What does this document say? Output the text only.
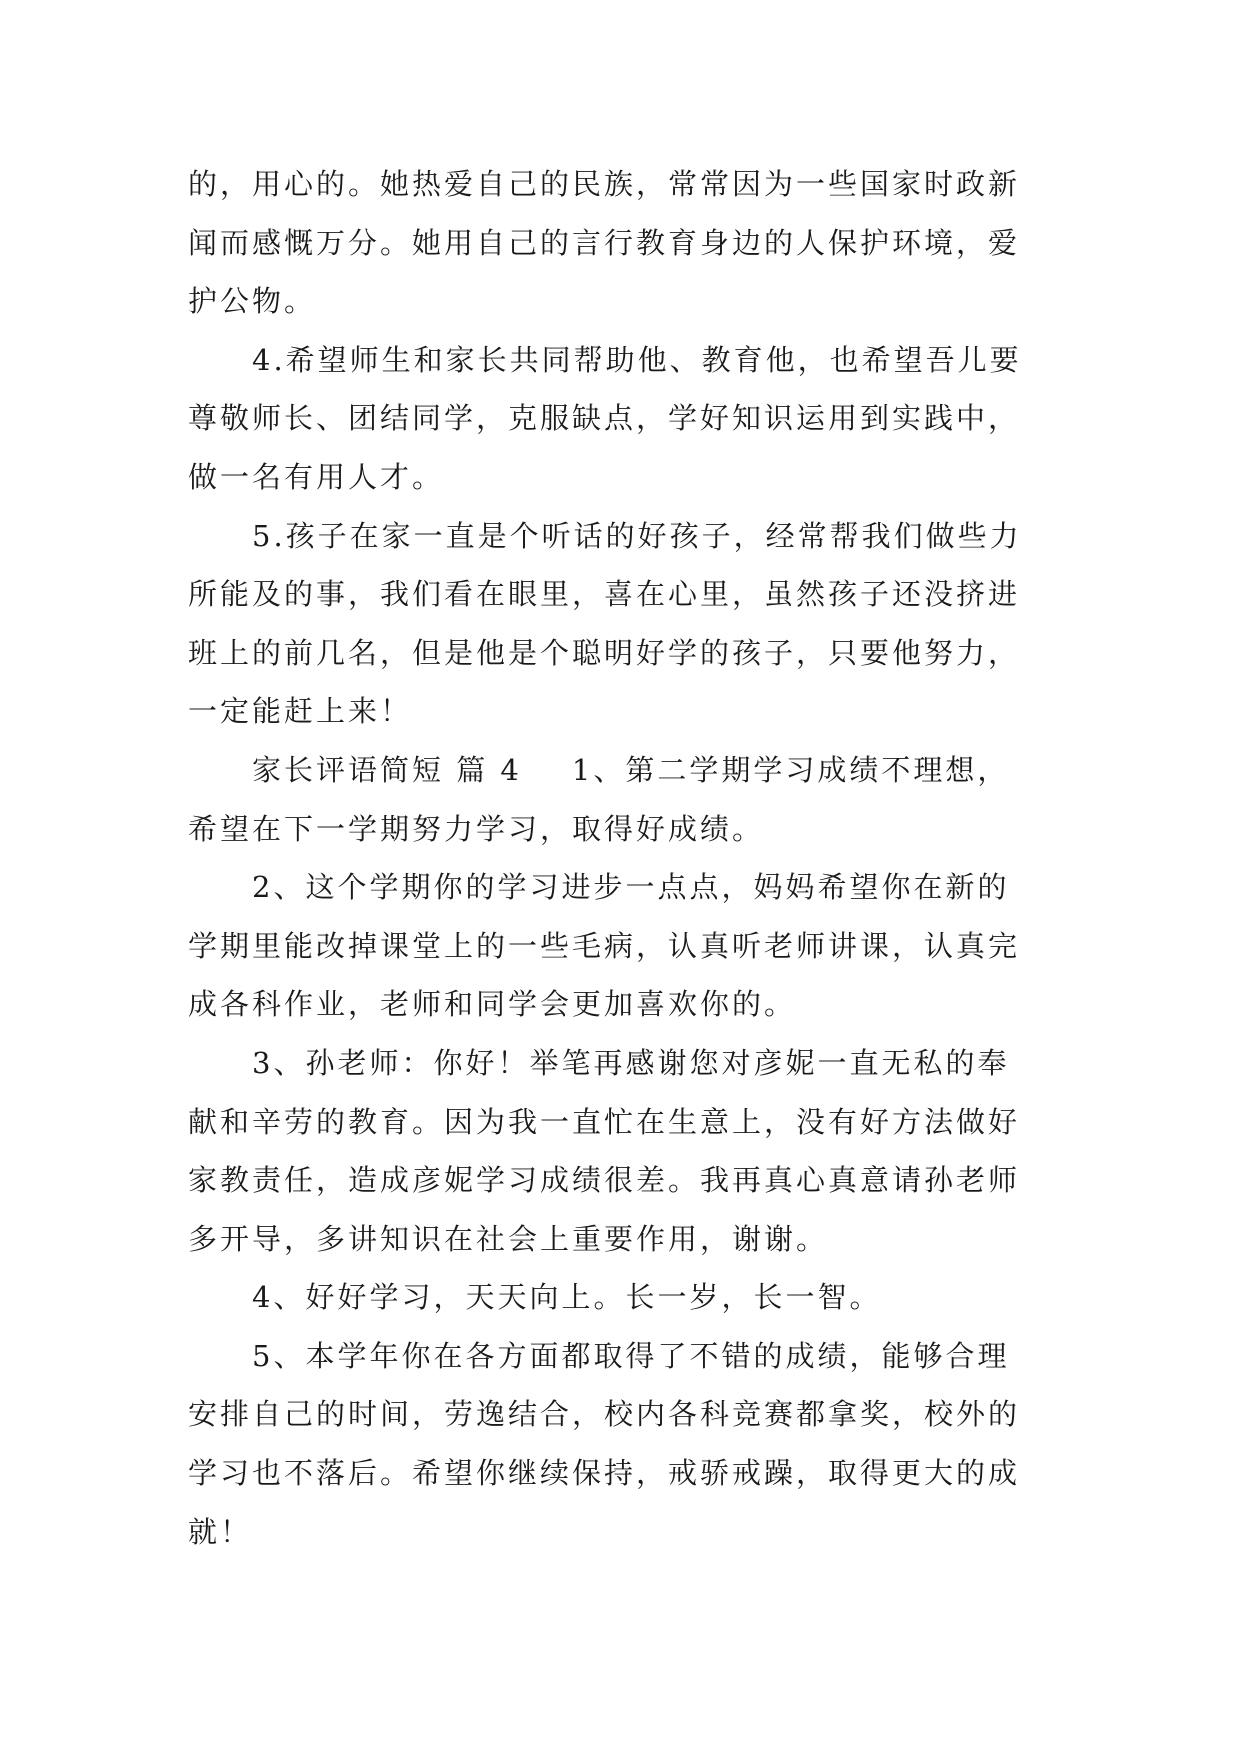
的，用心的。她热爱自己的民族，常常因为一些国家时政新
闻而感慨万分。她用自己的言行教育身边的人保护环境，爱
护公物。
4.希望师生和家长共同帮助他、教育他，也希望吾儿要
尊敬师长、团结同学，克服缺点，学好知识运用到实践中，
做一名有用人才。
5.孩子在家一直是个听话的好孩子，经常帮我们做些力
所能及的事，我们看在眼里，喜在心里，虽然孩子还没挤进
班上的前几名，但是他是个聪明好学的孩子，只要他努力，
一定能赶上来！
家长评语简短 篇 4 1、第二学期学习成绩不理想，
希望在下一学期努力学习，取得好成绩。
2、这个学期你的学习进步一点点，妈妈希望你在新的
学期里能改掉课堂上的一些毛病，认真听老师讲课，认真完
成各科作业，老师和同学会更加喜欢你的。
3、孙老师：你好！举笔再感谢您对彦妮一直无私的奉
献和辛劳的教育。因为我一直忙在生意上，没有好方法做好
家教责任，造成彦妮学习成绩很差。我再真心真意请孙老师
多开导，多讲知识在社会上重要作用，谢谢。
4、好好学习，天天向上。长一岁，长一智。
5、本学年你在各方面都取得了不错的成绩，能够合理
安排自己的时间，劳逸结合，校内各科竞赛都拿奖，校外的
学习也不落后。希望你继续保持，戒骄戒躁，取得更大的成
就！
